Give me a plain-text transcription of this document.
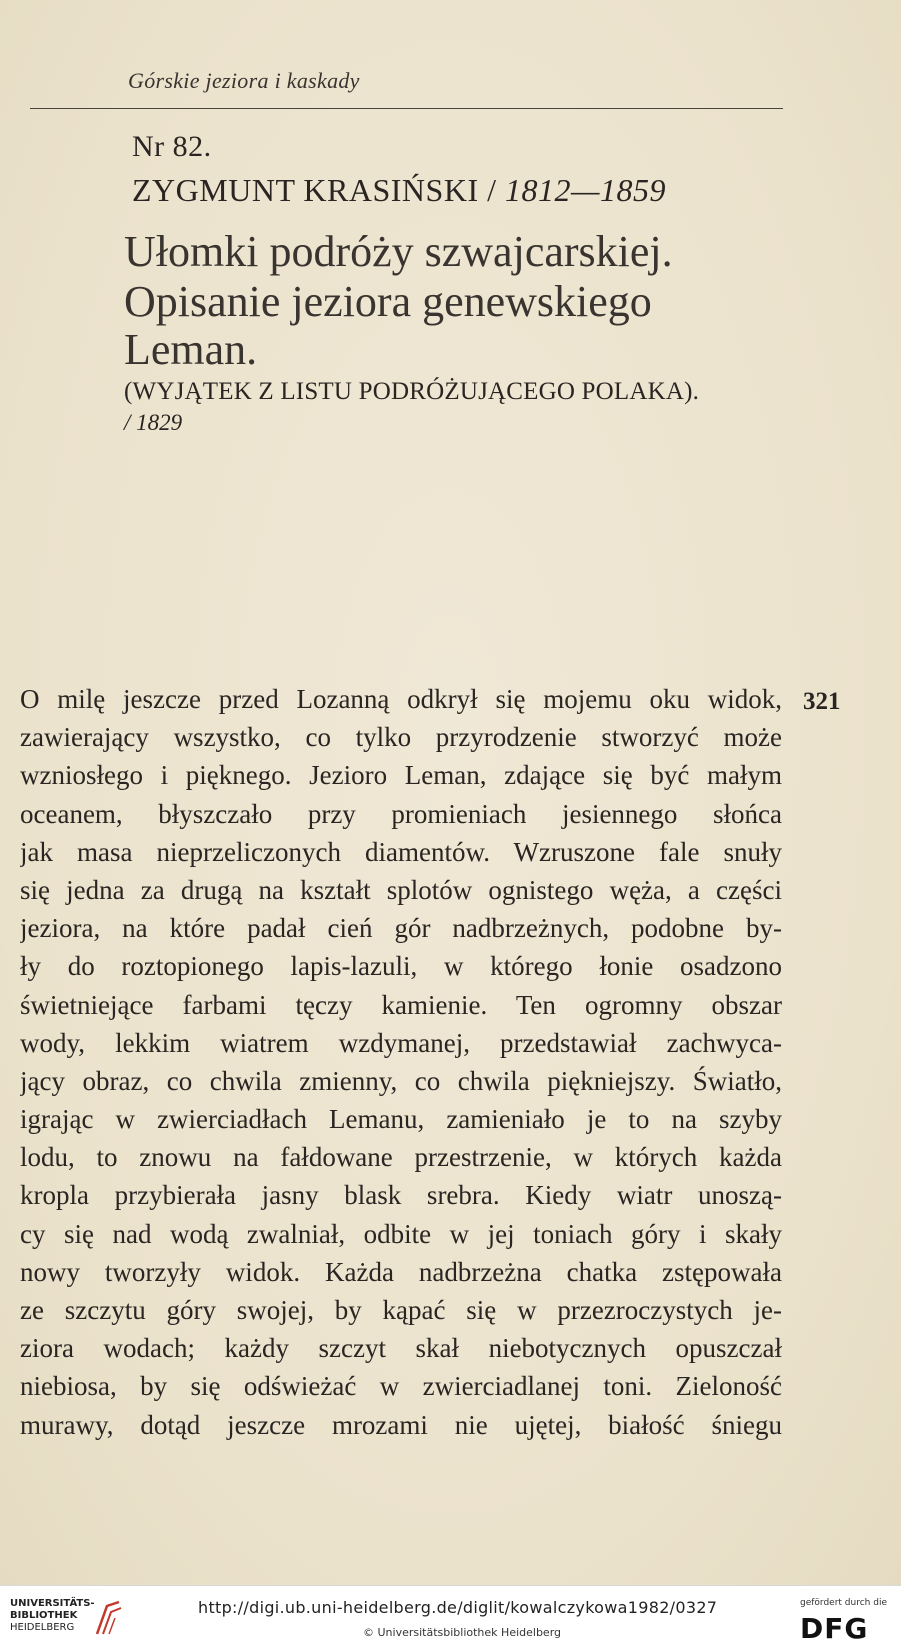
Górskie jeziora i kaskady
Nr 82.
ZYGMUNT KRASIŃSKI / 1812—1859
Ułomki podróży szwajcarskiej.
Opisanie jeziora genewskiego
Leman.
(WYJĄTEK Z LISTU PODRÓŻUJĄCEGO POLAKA).
/ 1829
321
O milę jeszcze przed Lozanną odkrył się mojemu oku widok,
zawierający wszystko, co tylko przyrodzenie stworzyć może
wzniosłego i pięknego. Jezioro Leman, zdające się być małym
oceanem, błyszczało przy promieniach jesiennego słońca
jak masa nieprzeliczonych diamentów. Wzruszone fale snuły
się jedna za drugą na kształt splotów ognistego węża, a części
jeziora, na które padał cień gór nadbrzeżnych, podobne by-
ły do roztopionego lapis-lazuli, w którego łonie osadzono
świetniejące farbami tęczy kamienie. Ten ogromny obszar
wody, lekkim wiatrem wzdymanej, przedstawiał zachwyca-
jący obraz, co chwila zmienny, co chwila piękniejszy. Światło,
igrając w zwierciadłach Lemanu, zamieniało je to na szyby
lodu, to znowu na fałdowane przestrzenie, w których każda
kropla przybierała jasny blask srebra. Kiedy wiatr unoszą-
cy się nad wodą zwalniał, odbite w jej toniach góry i skały
nowy tworzyły widok. Każda nadbrzeżna chatka zstępowała
ze szczytu góry swojej, by kąpać się w przezroczystych je-
ziora wodach; każdy szczyt skał niebotycznych opuszczał
niebiosa, by się odświeżać w zwierciadlanej toni. Zieloność
murawy, dotąd jeszcze mrozami nie ujętej, białość śniegu
UNIVERSITÄTS-
BIBLIOTHEK
HEIDELBERG
http://digi.ub.uni-heidelberg.de/diglit/kowalczykowa1982/0327
© Universitätsbibliothek Heidelberg
gefördert durch die
DFG
